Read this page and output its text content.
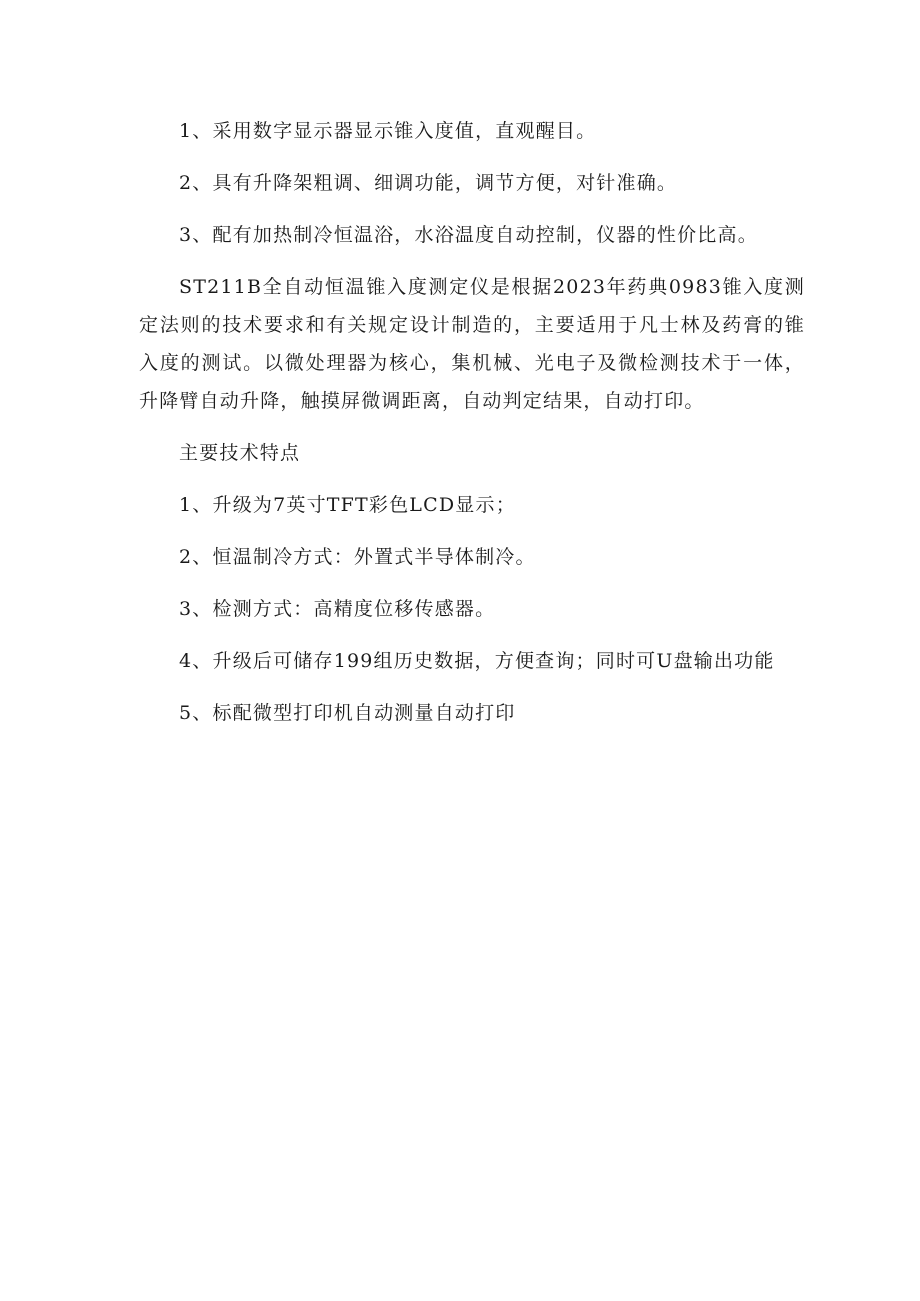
1、采用数字显示器显示锥入度值，直观醒目。

2、具有升降架粗调、细调功能，调节方便，对针准确。

3、配有加热制冷恒温浴，水浴温度自动控制，仪器的性价比高。

ST211B全自动恒温锥入度测定仪是根据2023年药典0983锥入度测定法则的技术要求和有关规定设计制造的，主要适用于凡士林及药膏的锥入度的测试。以微处理器为核心，集机械、光电子及微检测技术于一体，升降臂自动升降，触摸屏微调距离，自动判定结果，自动打印。

主要技术特点

1、升级为7英寸TFT彩色LCD显示；

2、恒温制冷方式：外置式半导体制冷。

3、检测方式：高精度位移传感器。

4、升级后可储存199组历史数据，方便查询；同时可U盘输出功能

5、标配微型打印机自动测量自动打印
